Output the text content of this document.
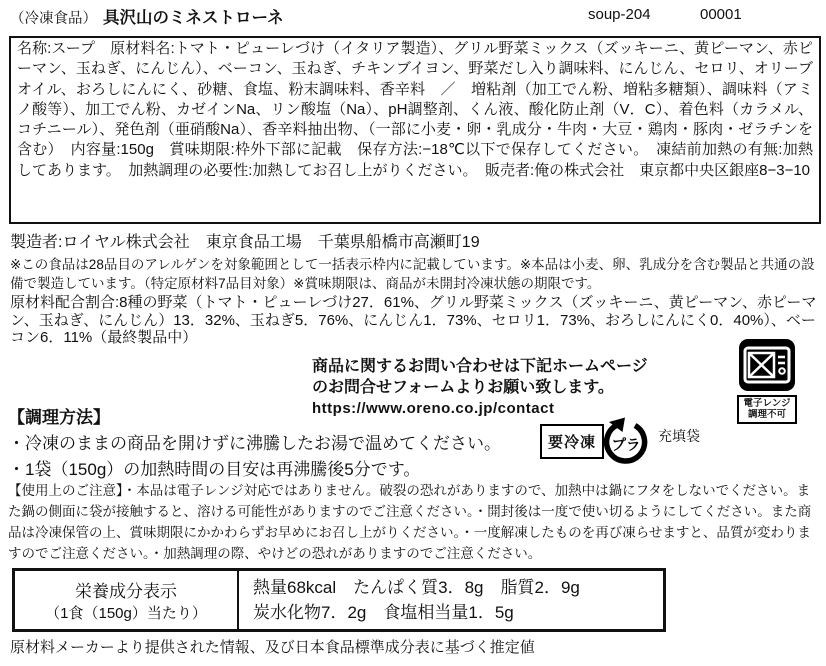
（冷凍食品） 具沢山のミネストローネ	soup-204	00001
名称:スープ　原材料名:トマト・ピューレづけ（イタリア製造）、グリル野菜ミックス（ズッキーニ、黄ピーマン、赤ピーマン、玉ねぎ、にんじん）、ベーコン、玉ねぎ、チキンブイヨン、野菜だし入り調味料、にんじん、セロリ、オリーブオイル、おろしにんにく、砂糖、食塩、粉末調味料、香辛料　／　増粘剤（加工でん粉、増粘多糖類）、調味料（アミノ酸等）、加工でん粉、カゼインNa、リン酸塩（Na）、pH調整剤、くん液、酸化防止剤（V．C）、着色料（カラメル、コチニール）、発色剤（亜硝酸Na）、香辛料抽出物、（一部に小麦・卵・乳成分・牛肉・大豆・鶏肉・豚肉・ゼラチンを含む）　内容量:150g　賞味期限:枠外下部に記載　保存方法:−18℃以下で保存してください。　凍結前加熱の有無:加熱してあります。　加熱調理の必要性:加熱してお召し上がりください。　販売者:俺の株式会社　東京都中央区銀座8−3−10
製造者:ロイヤル株式会社　東京食品工場　千葉県船橋市高瀬町19
※この食品は28品目のアレルゲンを対象範囲として一括表示枠内に記載しています。※本品は小麦、卵、乳成分を含む製品と共通の設備で製造しています。（特定原材料7品目対象）※賞味期限は、商品が未開封冷凍状態の期限です。
原材料配合割合:8種の野菜（トマト・ピューレづけ27．61%、グリル野菜ミックス（ズッキーニ、黄ピーマン、赤ピーマン、玉ねぎ、にんじん）13．32%、玉ねぎ5．76%、にんじん1．73%、セロリ1．73%、おろしにんにく0．40%）、ベーコン6．11%（最終製品中）
商品に関するお問い合わせは下記ホームページ
のお問合せフォームよりお願い致します。
https://www.oreno.co.jp/contact	電子レンジ
調理不可
【調理方法】
・冷凍のままの商品を開けずに沸騰したお湯で温めてください。
・1袋（150g）の加熱時間の目安は再沸騰後5分です。
要冷凍	プラ
充填袋
【使用上のご注意】・本品は電子レンジ対応ではありません。破裂の恐れがありますので、加熱中は鍋にフタをしないでください。また鍋の側面に袋が接触すると、溶ける可能性がありますのでご注意ください。・開封後は一度で使い切るようにしてください。また商品は冷凍保管の上、賞味期限にかかわらずお早めにお召し上がりください。・一度解凍したものを再び凍らせますと、品質が変わりますのでご注意ください。・加熱調理の際、やけどの恐れがありますのでご注意ください。
栄養成分表示
（1食（150g）当たり）
熱量68kcal　たんぱく質3．8g　脂質2．9g
炭水化物7．2g　食塩相当量1．5g
原材料メーカーより提供された情報、及び日本食品標準成分表に基づく推定値
